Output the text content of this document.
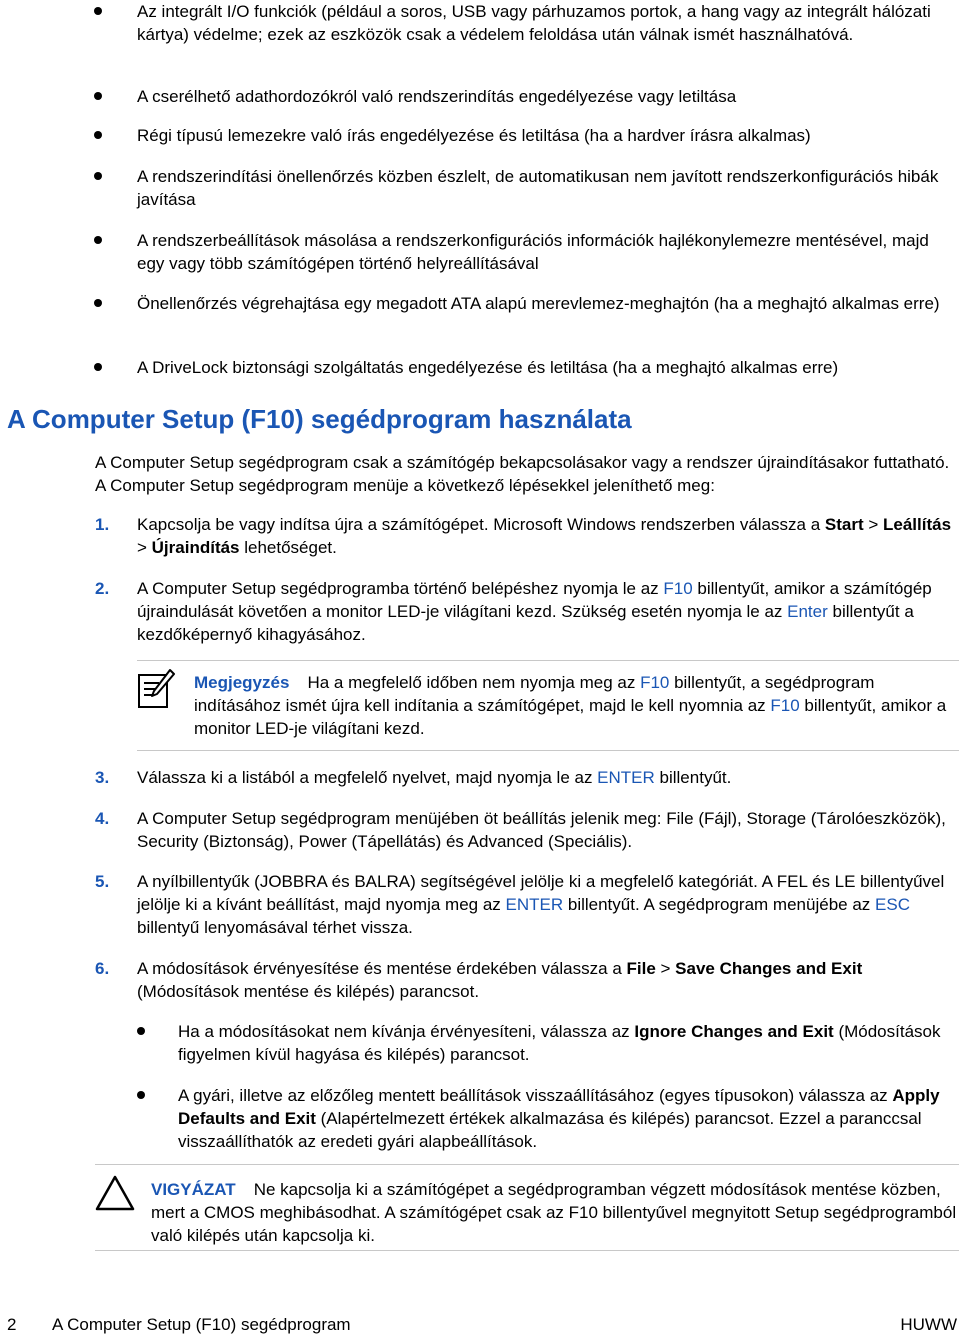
Az integrált I/O funkciók (például a soros, USB vagy párhuzamos portok, a hang vagy az integrált hálózati kártya) védelme; ezek az eszközök csak a védelem feloldása után válnak ismét használhatóvá.
A cserélhető adathordozókról való rendszerindítás engedélyezése vagy letiltása
Régi típusú lemezekre való írás engedélyezése és letiltása (ha a hardver írásra alkalmas)
A rendszerindítási önellenőrzés közben észlelt, de automatikusan nem javított rendszerkonfigurációs hibák javítása
A rendszerbeállítások másolása a rendszerkonfigurációs információk hajlékonylemezre mentésével, majd egy vagy több számítógépen történő helyreállításával
Önellenőrzés végrehajtása egy megadott ATA alapú merevlemez-meghajtón (ha a meghajtó alkalmas erre)
A DriveLock biztonsági szolgáltatás engedélyezése és letiltása (ha a meghajtó alkalmas erre)
A Computer Setup (F10) segédprogram használata
A Computer Setup segédprogram csak a számítógép bekapcsolásakor vagy a rendszer újraindításakor futtatható. A Computer Setup segédprogram menüje a következő lépésekkel jeleníthető meg:
1. Kapcsolja be vagy indítsa újra a számítógépet. Microsoft Windows rendszerben válassza a Start > Leállítás > Újraindítás lehetőséget.
2. A Computer Setup segédprogramba történő belépéshez nyomja le az F10 billentyűt, amikor a számítógép újraindulását követően a monitor LED-je világítani kezd. Szükség esetén nyomja le az Enter billentyűt a kezdőképernyő kihagyásához.
Megjegyzés Ha a megfelelő időben nem nyomja meg az F10 billentyűt, a segédprogram indításához ismét újra kell indítania a számítógépet, majd le kell nyomnia az F10 billentyűt, amikor a monitor LED-je világítani kezd.
3. Válassza ki a listából a megfelelő nyelvet, majd nyomja le az ENTER billentyűt.
4. A Computer Setup segédprogram menüjében öt beállítás jelenik meg: File (Fájl), Storage (Tárolóeszközök), Security (Biztonság), Power (Tápellátás) és Advanced (Speciális).
5. A nyílbillentyűk (JOBBRA és BALRA) segítségével jelölje ki a megfelelő kategóriát. A FEL és LE billentyűvel jelölje ki a kívánt beállítást, majd nyomja meg az ENTER billentyűt. A segédprogram menüjébe az ESC billentyű lenyomásával térhet vissza.
6. A módosítások érvényesítése és mentése érdekében válassza a File > Save Changes and Exit (Módosítások mentése és kilépés) parancsot.
Ha a módosításokat nem kívánja érvényesíteni, válassza az Ignore Changes and Exit (Módosítások figyelmen kívül hagyása és kilépés) parancsot.
A gyári, illetve az előzőleg mentett beállítások visszaállításához (egyes típusokon) válassza az Apply Defaults and Exit (Alapértelmezett értékek alkalmazása és kilépés) parancsot. Ezzel a paranccsal visszaállíthatók az eredeti gyári alapbeállítások.
VIGYÁZAT Ne kapcsolja ki a számítógépet a segédprogramban végzett módosítások mentése közben, mert a CMOS meghibásodhat. A számítógépet csak az F10 billentyűvel megnyitott Setup segédprogramból való kilépés után kapcsolja ki.
2 A Computer Setup (F10) segédprogram	HUWW
